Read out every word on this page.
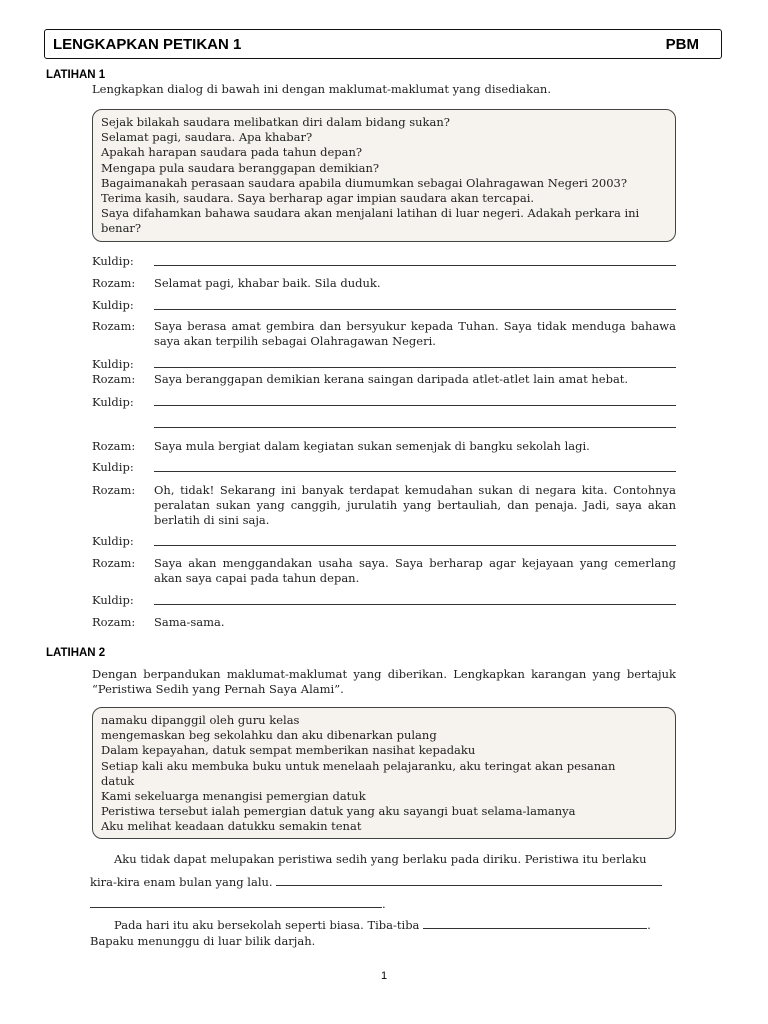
LENGKAPKAN PETIKAN 1	PBM
LATIHAN 1
Lengkapkan dialog di bawah ini dengan maklumat-maklumat yang disediakan.
Sejak bilakah saudara melibatkan diri dalam bidang sukan?
Selamat pagi, saudara. Apa khabar?
Apakah harapan saudara pada tahun depan?
Mengapa pula saudara beranggapan demikian?
Bagaimanakah perasaan saudara apabila diumumkan sebagai Olahragawan Negeri 2003?
Terima kasih, saudara. Saya berharap agar impian saudara akan tercapai.
Saya difahamkan bahawa saudara akan menjalani latihan di luar negeri. Adakah perkara ini
benar?
Kuldip:
Rozam: Selamat pagi, khabar baik. Sila duduk.
Kuldip:
Rozam: Saya berasa amat gembira dan bersyukur kepada Tuhan. Saya tidak menduga bahawa saya akan terpilih sebagai Olahragawan Negeri.
Kuldip:
Rozam: Saya beranggapan demikian kerana saingan daripada atlet-atlet lain amat hebat.
Kuldip:
Rozam: Saya mula bergiat dalam kegiatan sukan semenjak di bangku sekolah lagi.
Kuldip:
Rozam: Oh, tidak! Sekarang ini banyak terdapat kemudahan sukan di negara kita. Contohnya peralatan sukan yang canggih, jurulatih yang bertauliah, dan penaja. Jadi, saya akan berlatih di sini saja.
Kuldip:
Rozam: Saya akan menggandakan usaha saya. Saya berharap agar kejayaan yang cemerlang akan saya capai pada tahun depan.
Kuldip:
Rozam: Sama-sama.
LATIHAN 2
Dengan berpandukan maklumat-maklumat yang diberikan. Lengkapkan karangan yang bertajuk “Peristiwa Sedih yang Pernah Saya Alami”.
namaku dipanggil oleh guru kelas
mengemaskan beg sekolahku dan aku dibenarkan pulang
Dalam kepayahan, datuk sempat memberikan nasihat kepadaku
Setiap kali aku membuka buku untuk menelaah pelajaranku, aku teringat akan pesanan
datuk
Kami sekeluarga menangisi pemergian datuk
Peristiwa tersebut ialah pemergian datuk yang aku sayangi buat selama-lamanya
Aku melihat keadaan datukku semakin tenat
Aku tidak dapat melupakan peristiwa sedih yang berlaku pada diriku. Peristiwa itu berlaku
kira-kira enam bulan yang lalu.
.
Pada hari itu aku bersekolah seperti biasa. Tiba-tiba	.
Bapaku menunggu di luar bilik darjah.
1
